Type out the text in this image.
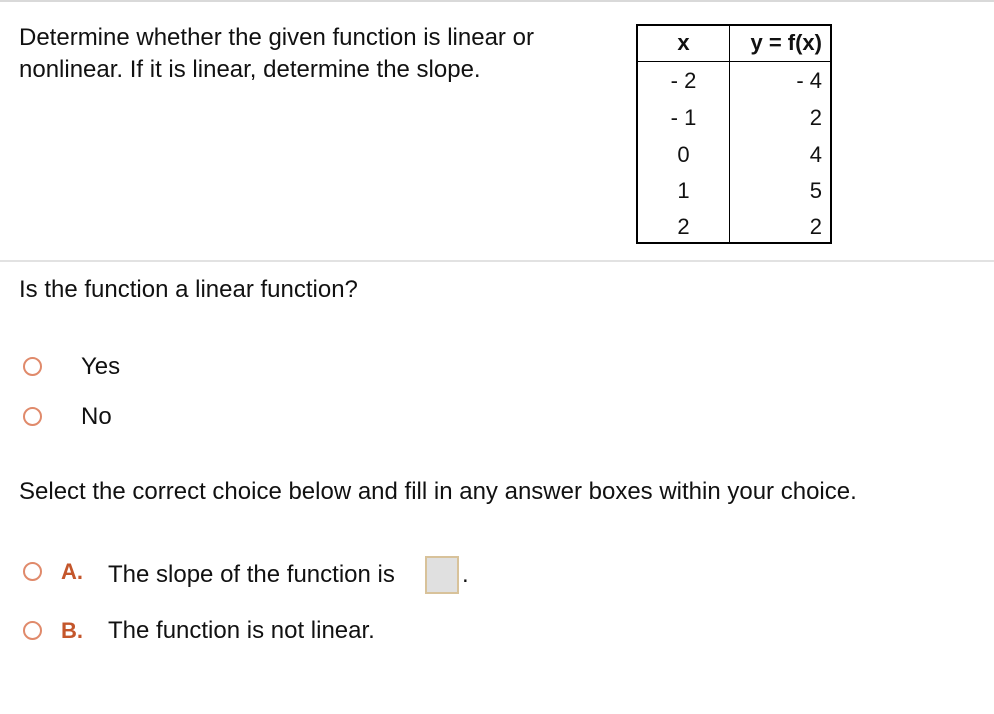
Determine whether the given function is linear or
nonlinear. If it is linear, determine the slope.
x	y = f(x)
- 2	- 4
- 1	2
0	4
1	5
2	2
Is the function a linear function?
Yes
No
Select the correct choice below and fill in any answer boxes within your choice.
A. The slope of the function is	.
B. The function is not linear.
